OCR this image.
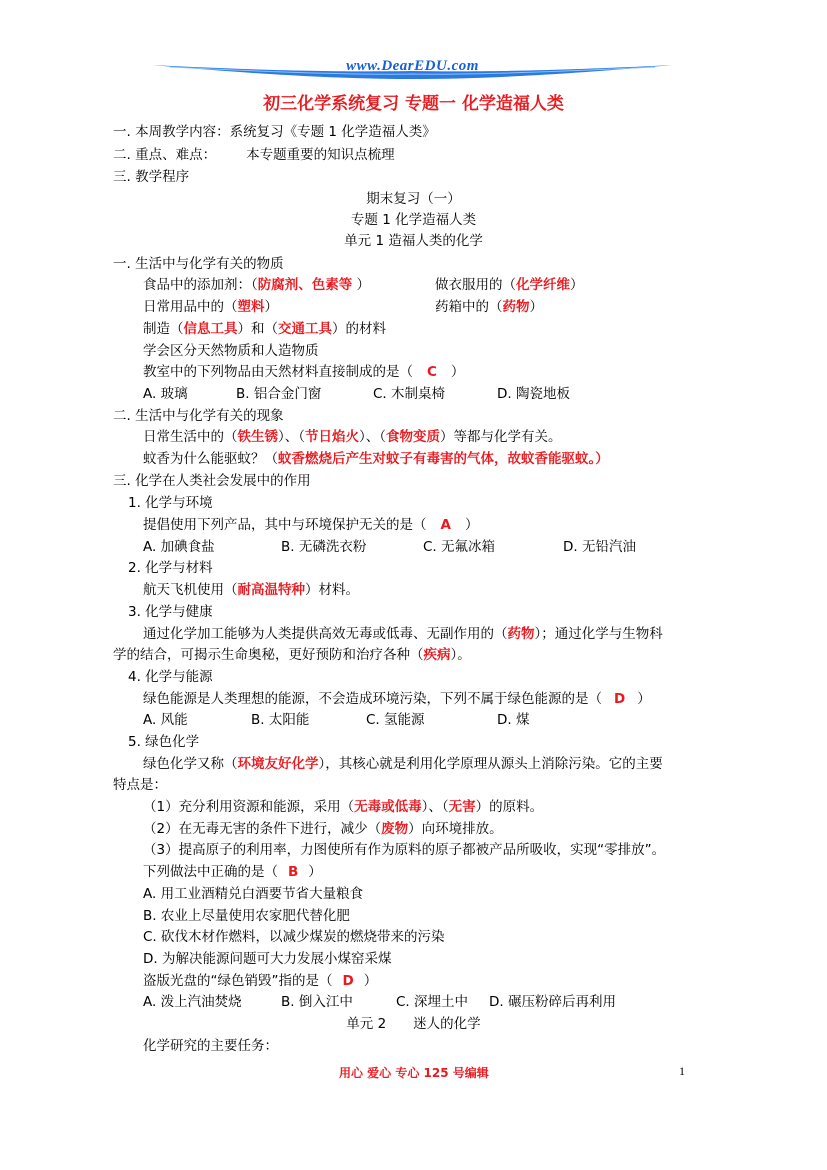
www.DearEDU.com
初三化学系统复习 专题一 化学造福人类
一. 本周教学内容：系统复习《专题 1 化学造福人类》
二. 重点、难点： 本专题重要的知识点梳理
三. 教学程序
期末复习（一）
专题 1 化学造福人类
单元 1 造福人类的化学
一. 生活中与化学有关的物质
食品中的添加剂：（防腐剂、色素等 ）	做衣服用的（化学纤维）
日常用品中的（塑料）	药箱中的（药物）
制造（信息工具）和（交通工具）的材料
学会区分天然物质和人造物质
教室中的下列物品由天然材料直接制成的是（ C ）
A. 玻璃	B. 铝合金门窗	C. 木制桌椅	D. 陶瓷地板
二. 生活中与化学有关的现象
日常生活中的（铁生锈）、（节日焰火）、（食物变质）等都与化学有关。
蚊香为什么能驱蚊？（蚊香燃烧后产生对蚊子有毒害的气体，故蚊香能驱蚊。）
三. 化学在人类社会发展中的作用
1. 化学与环境
提倡使用下列产品，其中与环境保护无关的是（ A ）
A. 加碘食盐	B. 无磷洗衣粉	C. 无氟冰箱	D. 无铅汽油
2. 化学与材料
航天飞机使用（耐高温特种）材料。
3. 化学与健康
通过化学加工能够为人类提供高效无毒或低毒、无副作用的（药物）；通过化学与生物科
学的结合，可揭示生命奥秘，更好预防和治疗各种（疾病）。
4. 化学与能源
绿色能源是人类理想的能源，不会造成环境污染，下列不属于绿色能源的是（ D ）
A. 风能	B. 太阳能	C. 氢能源	D. 煤
5. 绿色化学
绿色化学又称（环境友好化学），其核心就是利用化学原理从源头上消除污染。它的主要
特点是：
（1）充分利用资源和能源，采用（无毒或低毒）、（无害）的原料。
（2）在无毒无害的条件下进行，减少（废物）向环境排放。
（3）提高原子的利用率，力图使所有作为原料的原子都被产品所吸收，实现“零排放”。
下列做法中正确的是（ B ）
A. 用工业酒精兑白酒要节省大量粮食
B. 农业上尽量使用农家肥代替化肥
C. 砍伐木材作燃料，以减少煤炭的燃烧带来的污染
D. 为解决能源问题可大力发展小煤窑采煤
盗版光盘的“绿色销毁”指的是（ D ）
A. 泼上汽油焚烧	B. 倒入江中	C. 深埋土中 D. 碾压粉碎后再利用
单元 2　　迷人的化学
化学研究的主要任务：
用心 爱心 专心 125 号编辑	1
